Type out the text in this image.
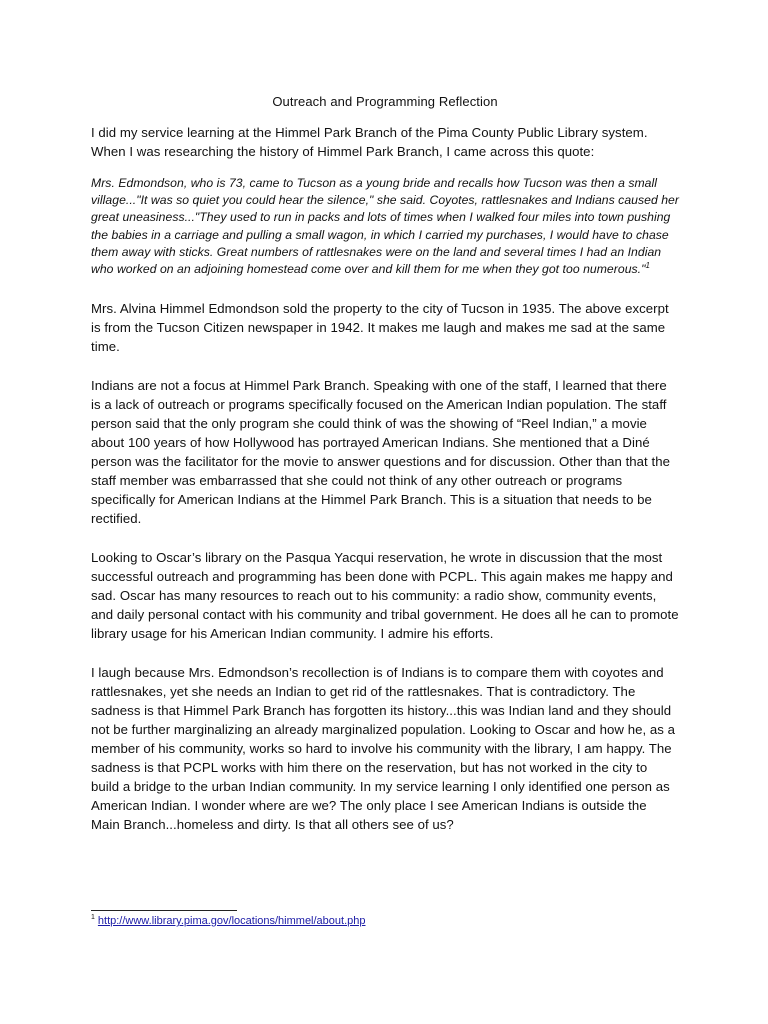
Outreach and Programming Reflection

I did my service learning at the Himmel Park Branch of the Pima County Public Library system. When I was researching the history of Himmel Park Branch, I came across this quote:

Mrs. Edmondson, who is 73, came to Tucson as a young bride and recalls how Tucson was then a small village..."It was so quiet you could hear the silence," she said. Coyotes, rattlesnakes and Indians caused her great uneasiness..."They used to run in packs and lots of times when I walked four miles into town pushing the babies in a carriage and pulling a small wagon, in which I carried my purchases, I would have to chase them away with sticks. Great numbers of rattlesnakes were on the land and several times I had an Indian who worked on an adjoining homestead come over and kill them for me when they got too numerous."$^1$

Mrs. Alvina Himmel Edmondson sold the property to the city of Tucson in 1935. The above excerpt is from the Tucson Citizen newspaper in 1942. It makes me laugh and makes me sad at the same time.

Indians are not a focus at Himmel Park Branch. Speaking with one of the staff, I learned that there is a lack of outreach or programs specifically focused on the American Indian population. The staff person said that the only program she could think of was the showing of “Reel Indian,” a movie about 100 years of how Hollywood has portrayed American Indians. She mentioned that a Diné person was the facilitator for the movie to answer questions and for discussion. Other than that the staff member was embarrassed that she could not think of any other outreach or programs specifically for American Indians at the Himmel Park Branch. This is a situation that needs to be rectified.

Looking to Oscar’s library on the Pasqua Yacqui reservation, he wrote in discussion that the most successful outreach and programming has been done with PCPL. This again makes me happy and sad. Oscar has many resources to reach out to his community: a radio show, community events, and daily personal contact with his community and tribal government. He does all he can to promote library usage for his American Indian community. I admire his efforts.

I laugh because Mrs. Edmondson’s recollection is of Indians is to compare them with coyotes and rattlesnakes, yet she needs an Indian to get rid of the rattlesnakes. That is contradictory. The sadness is that Himmel Park Branch has forgotten its history...this was Indian land and they should not be further marginalizing an already marginalized population. Looking to Oscar and how he, as a member of his community, works so hard to involve his community with the library, I am happy. The sadness is that PCPL works with him there on the reservation, but has not worked in the city to build a bridge to the urban Indian community. In my service learning I only identified one person as American Indian. I wonder where are we? The only place I see American Indians is outside the Main Branch...homeless and dirty. Is that all others see of us?

$^1$ http://www.library.pima.gov/locations/himmel/about.php
